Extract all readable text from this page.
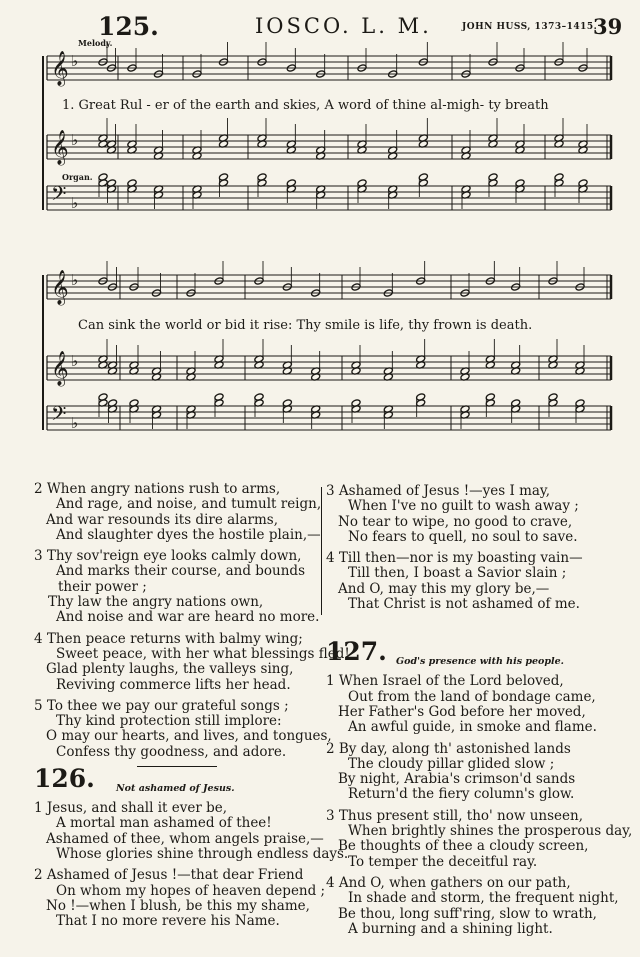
125.	IOSCO. L. M.	JOHN HUSS, 1373–1415.
39
𝄞 ♭
𝄞 ♭
𝄢 ♭
𝄞 ♭
𝄞 ♭
𝄢 ♭
Melody.
Organ.
1. Great Rul - er of the earth and skies, A word of thine al-migh- ty breath
Can sink the world or bid it rise: Thy smile is life, thy frown is death.
2 When angry nations rush to arms,
And rage, and noise, and tumult reign,
And war resounds its dire alarms,
And slaughter dyes the hostile plain,—
3 Thy sov'reign eye looks calmly down,
And marks their course, and bounds
their power ;
Thy law the angry nations own,
And noise and war are heard no more.
4 Then peace returns with balmy wing;
Sweet peace, with her what blessings fled!
Glad plenty laughs, the valleys sing,
Reviving commerce lifts her head.
5 To thee we pay our grateful songs ;
Thy kind protection still implore:
O may our hearts, and lives, and tongues,
Confess thy goodness, and adore.
126. Not ashamed of Jesus.
1 Jesus, and shall it ever be,
A mortal man ashamed of thee!
Ashamed of thee, whom angels praise,—
Whose glories shine through endless days.
2 Ashamed of Jesus !—that dear Friend
On whom my hopes of heaven depend ;
No !—when I blush, be this my shame,
That I no more revere his Name.
3 Ashamed of Jesus !—yes I may,
When I've no guilt to wash away ;
No tear to wipe, no good to crave,
No fears to quell, no soul to save.
4 Till then—nor is my boasting vain—
Till then, I boast a Savior slain ;
And O, may this my glory be,—
That Christ is not ashamed of me.
127. God's presence with his people.
1 When Israel of the Lord beloved,
Out from the land of bondage came,
Her Father's God before her moved,
An awful guide, in smoke and flame.
2 By day, along th' astonished lands
The cloudy pillar glided slow ;
By night, Arabia's crimson'd sands
Return'd the fiery column's glow.
3 Thus present still, tho' now unseen,
When brightly shines the prosperous day,
Be thoughts of thee a cloudy screen,
To temper the deceitful ray.
4 And O, when gathers on our path,
In shade and storm, the frequent night,
Be thou, long suff'ring, slow to wrath,
A burning and a shining light.
